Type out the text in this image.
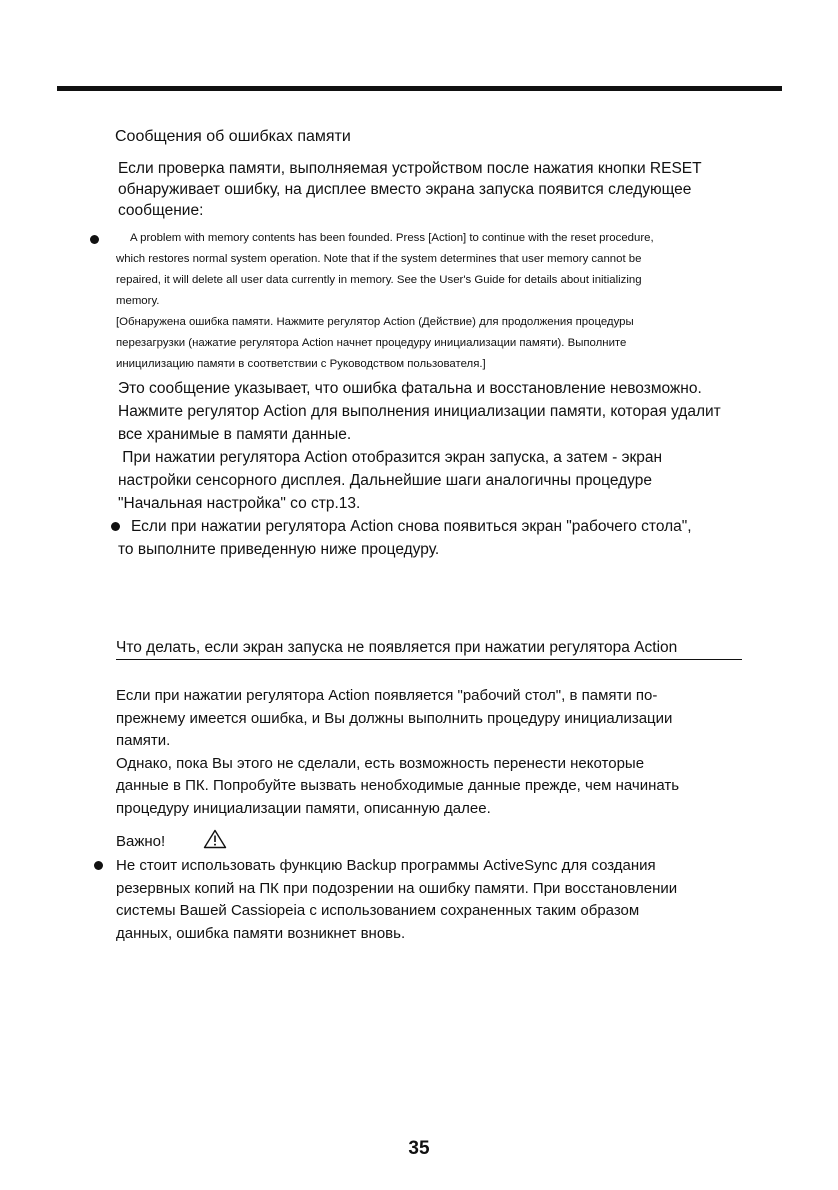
Сообщения об ошибках памяти
Если проверка памяти, выполняемая устройством после нажатия кнопки RESET
обнаруживает ошибку, на дисплее вместо экрана запуска появится следующее
сообщение:
A problem with memory contents has been founded. Press [Action] to continue with the reset procedure,
which restores normal system operation. Note that if the system determines that user memory cannot be
repaired, it will delete all user data currently in memory. See the User's Guide for details about initializing
memory.
[Обнаружена ошибка памяти. Нажмите регулятор Action (Действие) для продолжения процедуры
перезагрузки (нажатие регулятора Action начнет процедуру инициализации памяти). Выполните
иницилизацию памяти в соответствии с Руководством пользователя.]
Это сообщение указывает, что ошибка фатальна и восстановление невозможно.
Нажмите регулятор Action для выполнения инициализации памяти, которая удалит
все хранимые в памяти данные.
При нажатии регулятора Action отобразится экран запуска, а затем - экран
настройки сенсорного дисплея. Дальнейшие шаги аналогичны процедуре
"Начальная настройка" со стр.13.
Если при нажатии регулятора Action снова появиться экран "рабочего стола",
то выполните приведенную ниже процедуру.
Что делать, если экран запуска не появляется при нажатии регулятора Action
Если при нажатии регулятора Action появляется "рабочий стол", в памяти по-
прежнему имеется ошибка, и Вы должны выполнить процедуру инициализации
памяти.
Однако, пока Вы этого не сделали, есть возможность перенести некоторые
данные в ПК. Попробуйте вызвать ненобходимые данные прежде, чем начинать
процедуру инициализации памяти, описанную далее.
Важно!
Не стоит использовать функцию Backup программы ActiveSync для создания
резервных копий на ПК при подозрении на ошибку памяти. При восстановлении
системы Вашей Cassiopeia с использованием сохраненных таким образом
данных, ошибка памяти возникнет вновь.
35
